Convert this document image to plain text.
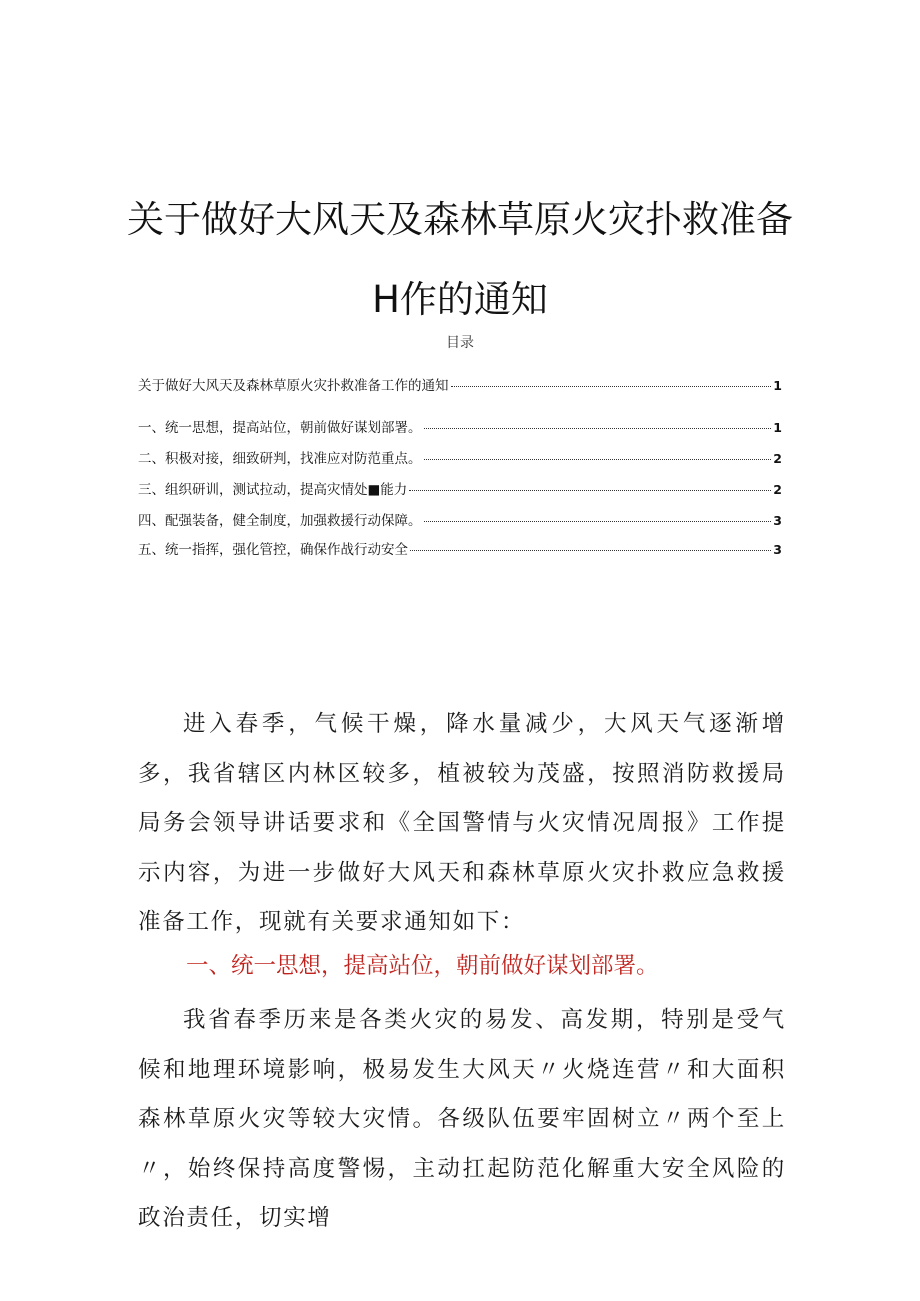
关于做好大风天及森林草原火灾扑救准备
H作的通知
目录
关于做好大风天及森林草原火灾扑救准备工作的通知	1
一、统一思想，提高站位，朝前做好谋划部署。	1
二、积极对接，细致研判，找准应对防范重点。	2
三、组织研训，测试拉动，提高灾情处■能力	2
四、配强装备，健全制度，加强救援行动保障。	3
五、统一指挥，强化管控，确保作战行动安全	3

进入春季，气候干燥，降水量减少，大风天气逐渐增多，我省辖区内林区较多，植被较为茂盛，按照消防救援局局务会领导讲话要求和《全国警情与火灾情况周报》工作提示内容，为进一步做好大风天和森林草原火灾扑救应急救援准备工作，现就有关要求通知如下：

一、统一思想，提高站位，朝前做好谋划部署。

我省春季历来是各类火灾的易发、高发期，特别是受气候和地理环境影响，极易发生大风天〃火烧连营〃和大面积森林草原火灾等较大灾情。各级队伍要牢固树立〃两个至上〃，始终保持高度警惕，主动扛起防范化解重大安全风险的政治责任，切实增
